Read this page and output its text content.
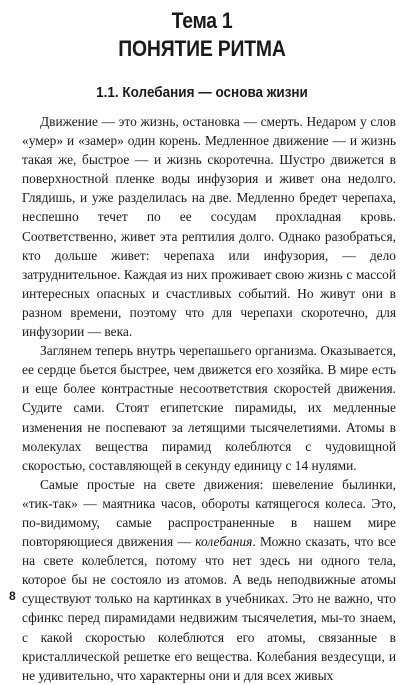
Тема 1
ПОНЯТИЕ РИТМА
1.1. Колебания — основа жизни

Движение — это жизнь, остановка — смерть. Недаром у слов «умер» и «замер» один корень. Медленное движение — и жизнь такая же, быстрое — и жизнь скоротечна. Шустро движется в поверхностной пленке воды инфузория и живет она недолго. Глядишь, и уже разделилась на две. Медленно бредет черепаха, неспешно течет по ее сосудам прохладная кровь. Соответственно, живет эта рептилия долго. Однако разобраться, кто дольше живет: черепаха или инфузория, — дело затруднительное. Каждая из них проживает свою жизнь с массой интересных опасных и счастливых событий. Но живут они в разном времени, поэтому что для черепахи скоротечно, для инфузории — века.

Заглянем теперь внутрь черепашьего организма. Оказывается, ее сердце бьется быстрее, чем движется его хозяйка. В мире есть и еще более контрастные несоответствия скоростей движения. Судите сами. Стоят египетские пирамиды, их медленные изменения не поспевают за летящими тысячелетиями. Атомы в молекулах вещества пирамид колеблются с чудовищной скоростью, составляющей в секунду единицу с 14 нулями.

Самые простые на свете движения: шевеление былинки, «тик-так» — маятника часов, обороты катящегося колеса. Это, по-видимому, самые распространенные в нашем мире повторяющиеся движения — колебания. Можно сказать, что все на свете колеблется, потому что нет здесь ни одного тела, которое бы не состояло из атомов. А ведь неподвижные атомы существуют только на картинках в учебниках. Это не важно, что сфинкс перед пирамидами недвижим тысячелетия, мы-то знаем, с какой скоростью колеблются его атомы, связанные в кристаллической решетке его вещества. Колебания вездесущи, и не удивительно, что характерны они и для всех живых

8
